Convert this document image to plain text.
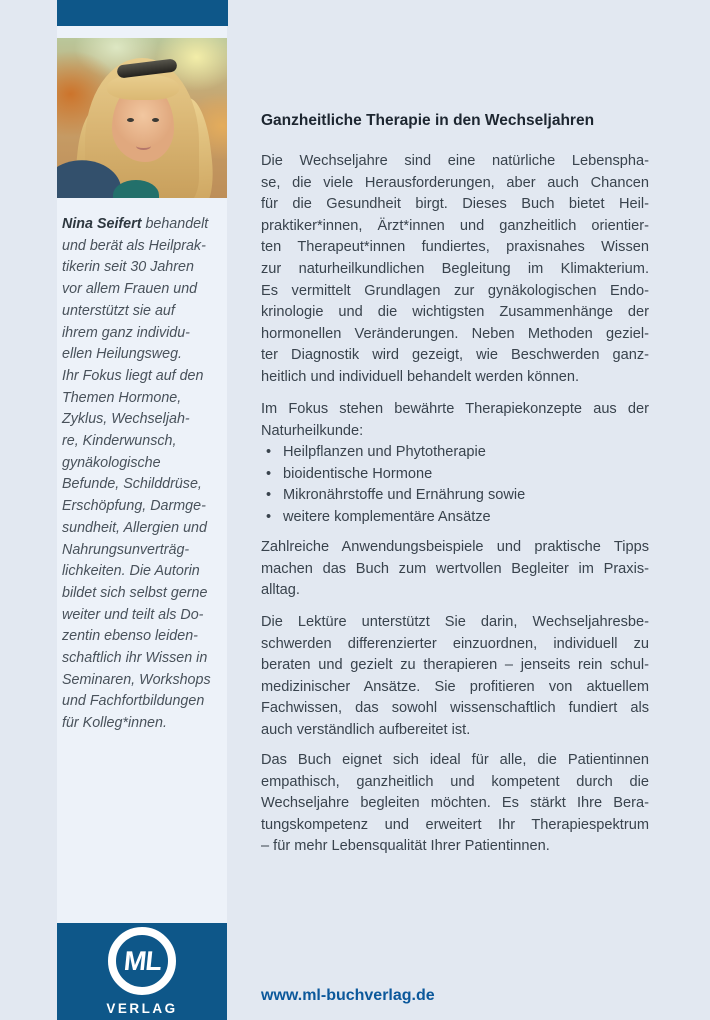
Nina Seifert behandelt
und berät als Heilprak-
tikerin seit 30 Jahren
vor allem Frauen und
unterstützt sie auf
ihrem ganz individu-
ellen Heilungsweg.
Ihr Fokus liegt auf den
Themen Hormone,
Zyklus, Wechseljah-
re, Kinderwunsch,
gynäkologische
Befunde, Schilddrüse,
Erschöpfung, Darmge-
sundheit, Allergien und
Nahrungsunverträg-
lichkeiten. Die Autorin
bildet sich selbst gerne
weiter und teilt als Do-
zentin ebenso leiden-
schaftlich ihr Wissen in
Seminaren, Workshops
und Fachfortbildungen
für Kolleg*innen.
Ganzheitliche Therapie in den Wechseljahren
Die Wechseljahre sind eine natürliche Lebenspha-
se, die viele Herausforderungen, aber auch Chancen
für die Gesundheit birgt. Dieses Buch bietet Heil-
praktiker*innen, Ärzt*innen und ganzheitlich orientier-
ten Therapeut*innen fundiertes, praxisnahes Wissen
zur naturheilkundlichen Begleitung im Klimakterium.
Es vermittelt Grundlagen zur gynäkologischen Endo-
krinologie und die wichtigsten Zusammenhänge der
hormonellen Veränderungen. Neben Methoden geziel-
ter Diagnostik wird gezeigt, wie Beschwerden ganz-
heitlich und individuell behandelt werden können.
Im Fokus stehen bewährte Therapiekonzepte aus der
Naturheilkunde:
• Heilpflanzen und Phytotherapie
• bioidentische Hormone
• Mikronährstoffe und Ernährung sowie
• weitere komplementäre Ansätze
Zahlreiche Anwendungsbeispiele und praktische Tipps
machen das Buch zum wertvollen Begleiter im Praxis-
alltag.
Die Lektüre unterstützt Sie darin, Wechseljahresbe-
schwerden differenzierter einzuordnen, individuell zu
beraten und gezielt zu therapieren – jenseits rein schul-
medizinischer Ansätze. Sie profitieren von aktuellem
Fachwissen, das sowohl wissenschaftlich fundiert als
auch verständlich aufbereitet ist.
Das Buch eignet sich ideal für alle, die Patientinnen
empathisch, ganzheitlich und kompetent durch die
Wechseljahre begleiten möchten. Es stärkt Ihre Bera-
tungskompetenz und erweitert Ihr Therapiespektrum
– für mehr Lebensqualität Ihrer Patientinnen.
ML
VERLAG
www.ml-buchverlag.de
